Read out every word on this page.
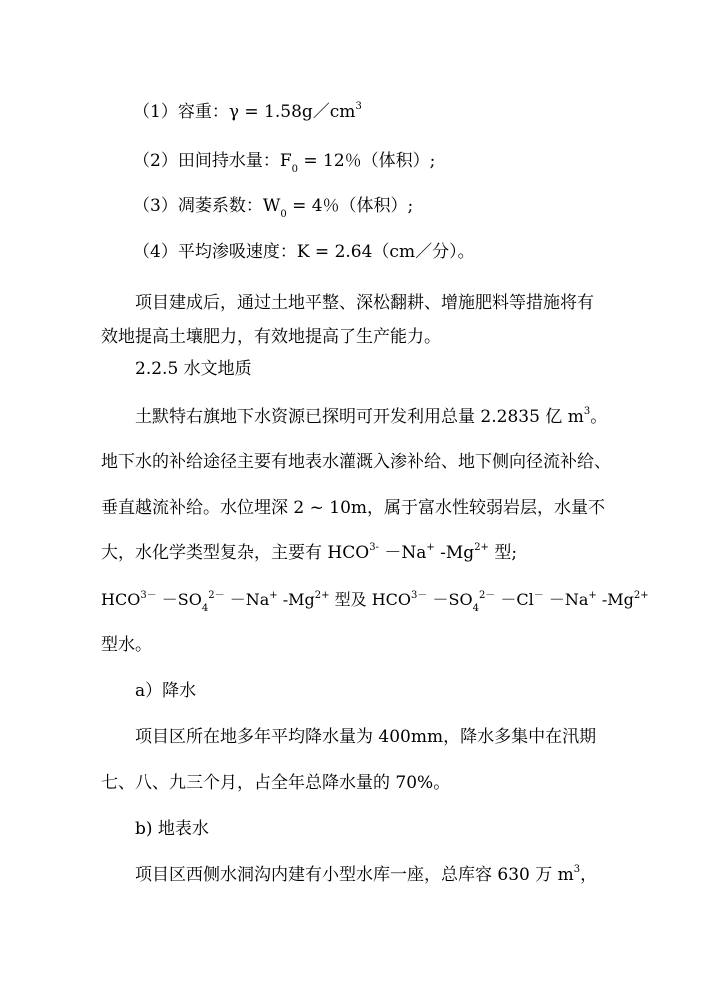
（1）容重：$\gamma = 1.58g/cm^3$
（2）田间持水量：$F_0 = 12$％（体积）;
（3）凋萎系数：$W_0 = 4$％（体积）;
（4）平均渗吸速度：K = 2.64（cm／分）。
项目建成后，通过土地平整、深松翻耕、增施肥料等措施将有
效地提高土壤肥力，有效地提高了生产能力。
2.2.5 水文地质
土默特右旗地下水资源已探明可开发利用总量 2.2835 亿 $m^3$。
地下水的补给途径主要有地表水灌溉入渗补给、地下侧向径流补给、
垂直越流补给。水位埋深 2 ~ 10m，属于富水性较弱岩层，水量不
大，水化学类型复杂，主要有 $HCO^{3-} -Na^+$ $-Mg^{2+}$ 型;
$HCO^{3-} -SO_4^{2-} -Na^+$ $-Mg^{2+}$ 型及 $HCO^{3-} -SO_4^{2-} -Cl^- -Na^+$ $-Mg^{2+}$
型水。
a）降水
项目区所在地多年平均降水量为 400mm，降水多集中在汛期
七、八、九三个月，占全年总降水量的 70%。
b) 地表水
项目区西侧水洞沟内建有小型水库一座，总库容 630 万 $m^3$，
